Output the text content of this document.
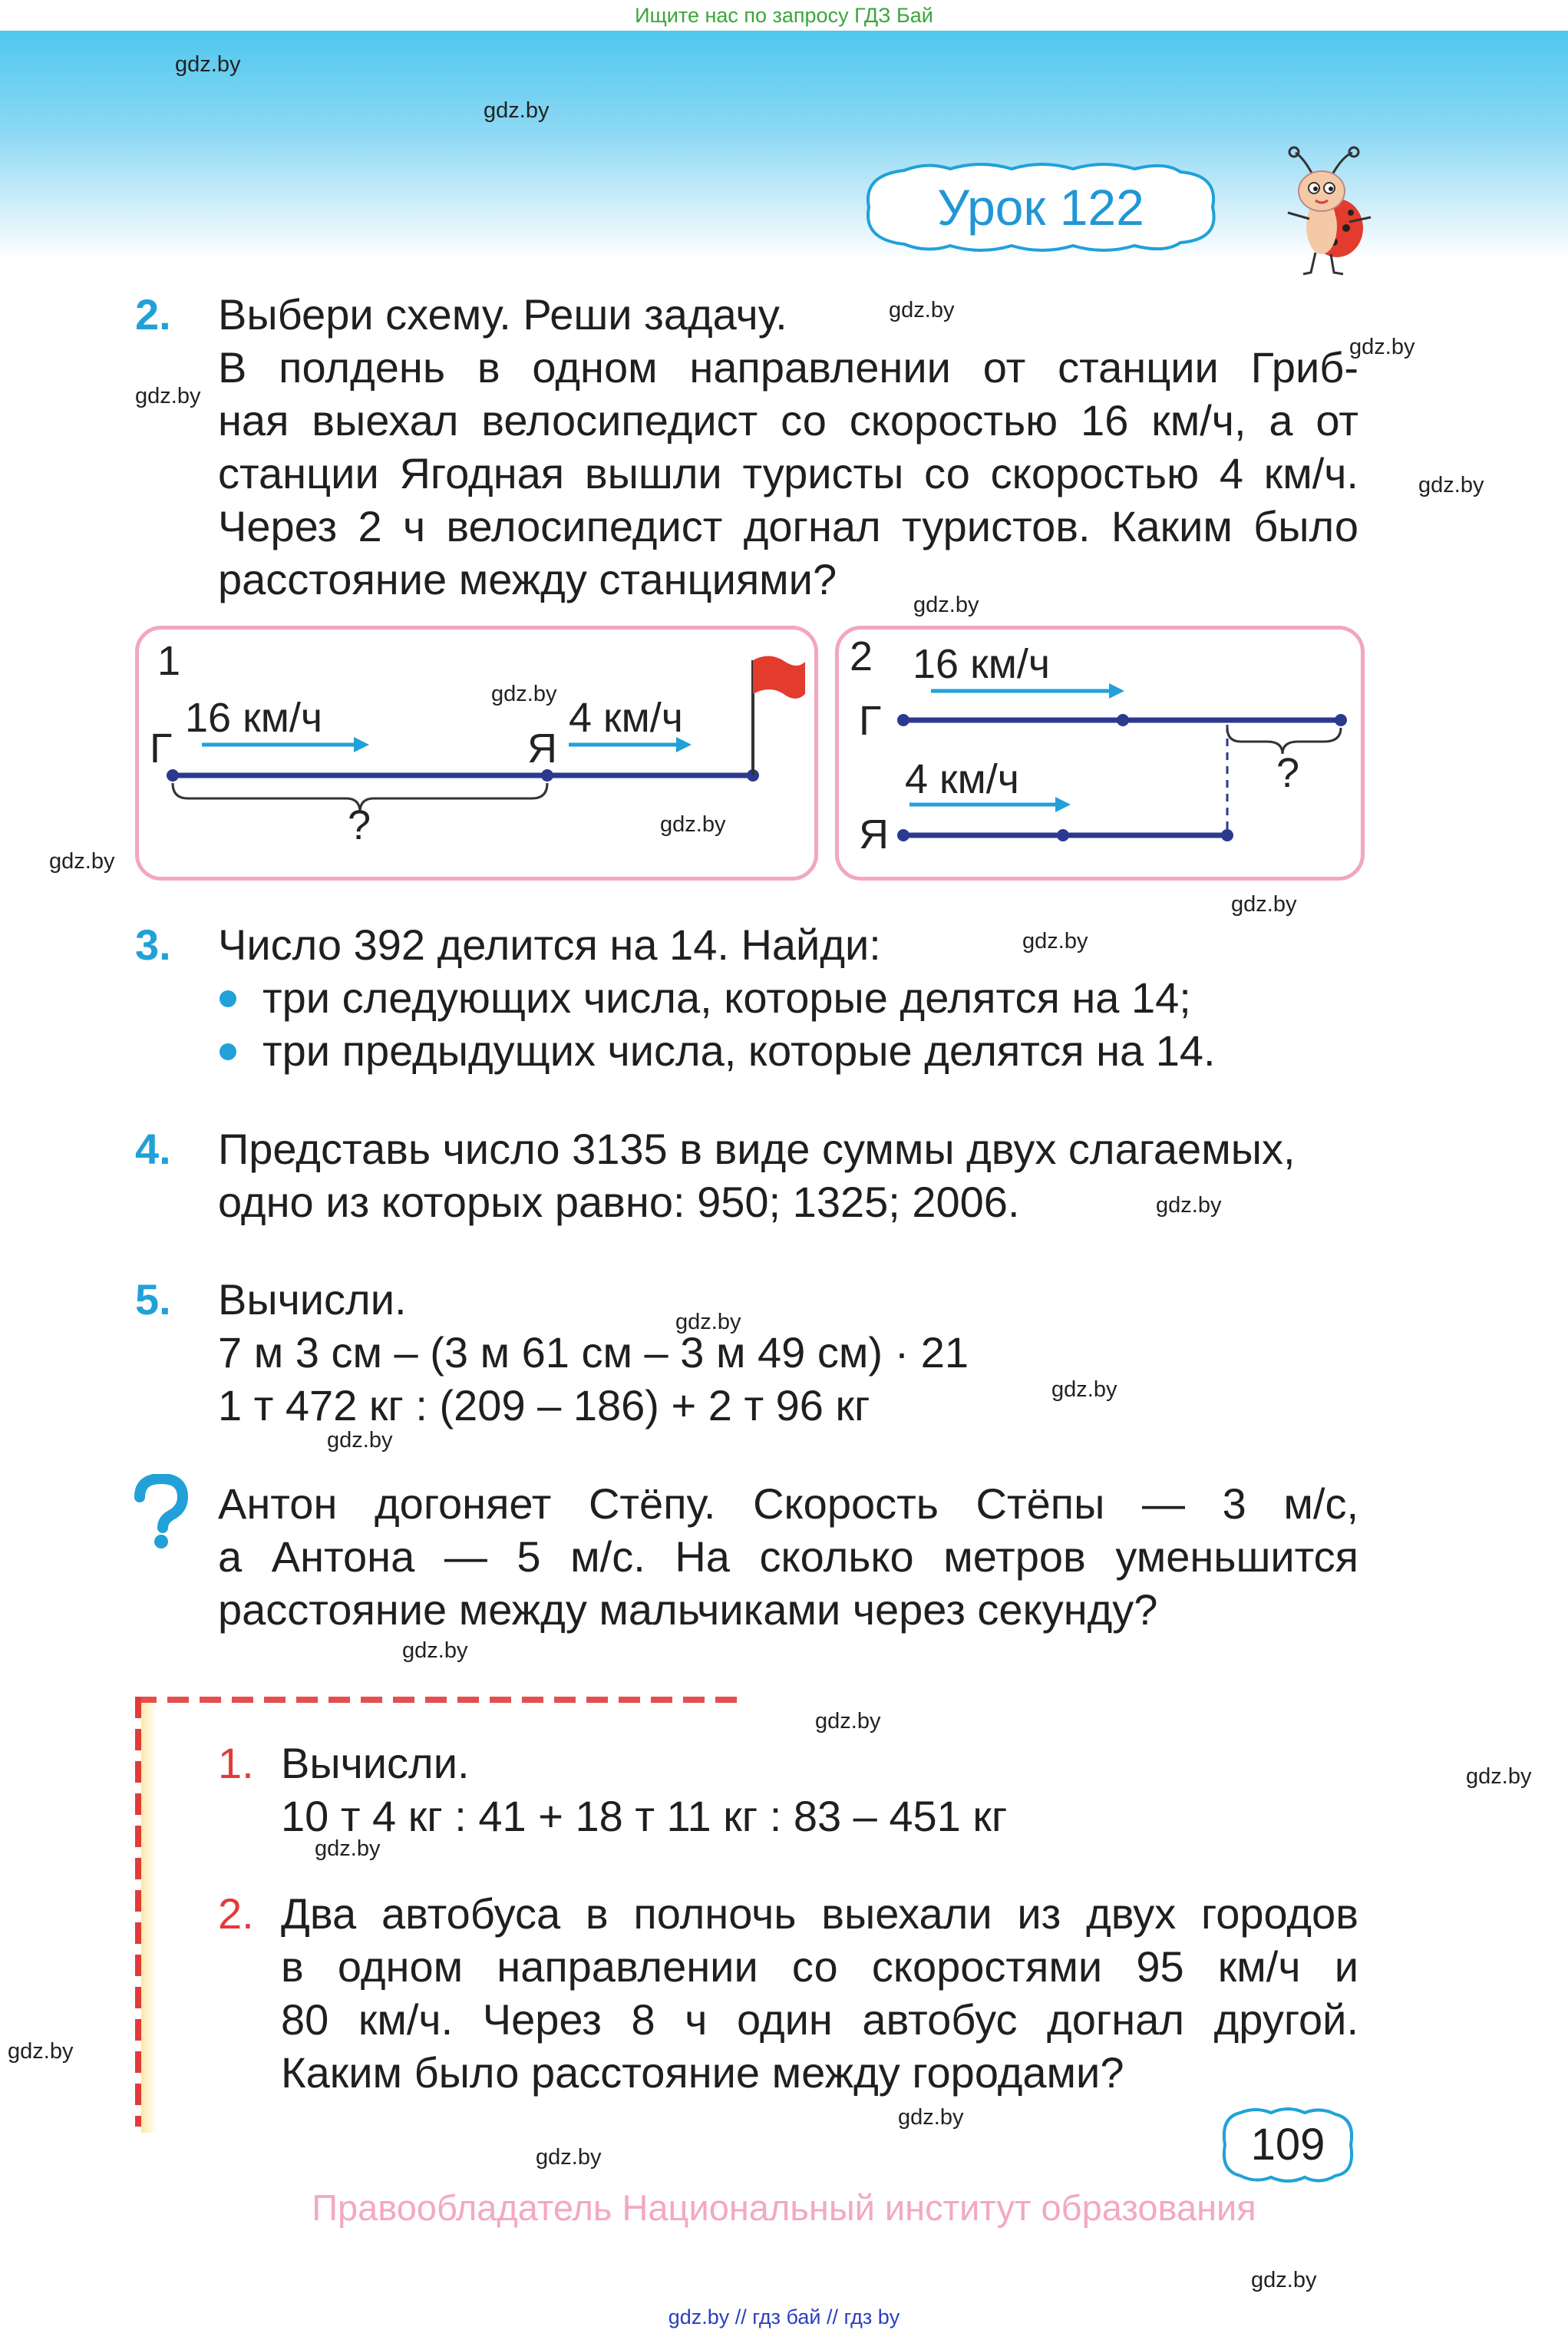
Ищите нас по запросу ГДЗ Бай
Урок 122
2. Выбери схему. Реши задачу.
В полдень в одном направлении от станции Гриб-
ная выехал велосипедист со скоростью 16 км/ч, а от
станции Ягодная вышли туристы со скоростью 4 км/ч.
Через 2 ч велосипедист догнал туристов. Каким было
расстояние между станциями?
1
16 км/ч	4 км/ч
Г	Я
?
2 16 км/ч
4 км/ч
Г
Я
?
3. Число 392 делится на 14. Найди:
три следующих числа, которые делятся на 14;
три предыдущих числа, которые делятся на 14.
4. Представь число 3135 в виде суммы двух слагаемых,
одно из которых равно: 950; 1325; 2006.
5. Вычисли.
7 м 3 см – (3 м 61 см – 3 м 49 см) · 21
1 т 472 кг : (209 – 186) + 2 т 96 кг
Антон догоняет Стёпу. Скорость Стёпы — 3 м/с,
а Антона — 5 м/с. На сколько метров уменьшится
расстояние между мальчиками через секунду?
1. Вычисли.
10 т 4 кг : 41 + 18 т 11 кг : 83 – 451 кг
2. Два автобуса в полночь выехали из двух городов
в одном направлении со скоростями 95 км/ч и
80 км/ч. Через 8 ч один автобус догнал другой.
Каким было расстояние между городами?
109
Правообладатель Национальный институт образования
gdz.by // гдз бай // гдз by
gdz.by
gdz.by
gdz.by
gdz.by
gdz.by
gdz.by
gdz.by
gdz.by
gdz.by
gdz.by
gdz.by
gdz.by
gdz.by
gdz.by
gdz.by
gdz.by
gdz.by
gdz.by
gdz.by
gdz.by
gdz.by
gdz.by
gdz.by
gdz.by
